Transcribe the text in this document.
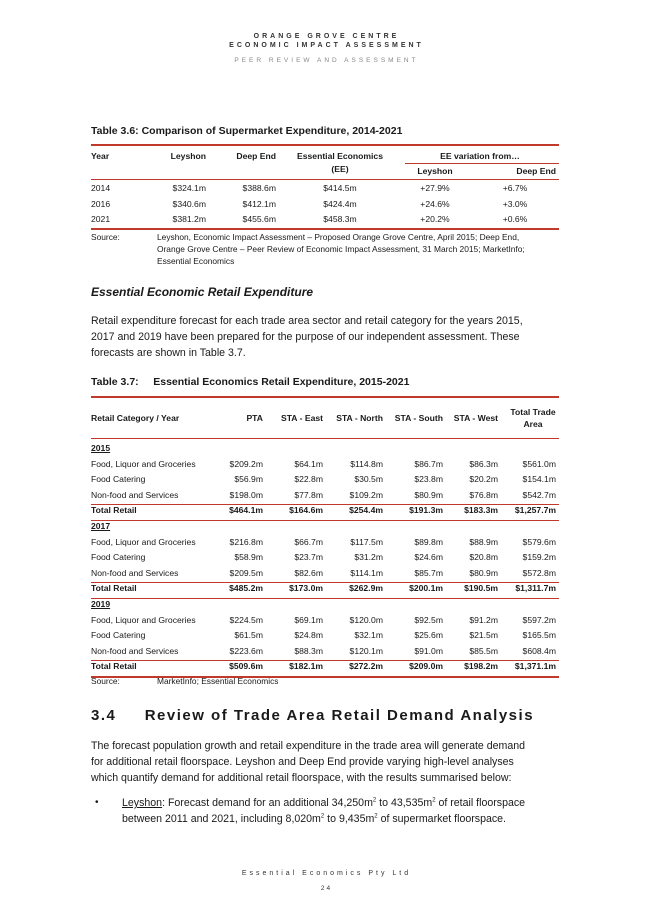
ORANGE GROVE CENTRE
ECONOMIC IMPACT ASSESSMENT
PEER REVIEW AND ASSESSMENT
Table 3.6: Comparison of Supermarket Expenditure, 2014-2021
Year	Leyshon	Deep End	Essential Economics
(EE)
EE variation from…
Leyshon	Deep End
2014	$324.1m	$388.6m	$414.5m	+27.9%	+6.7%
2016	$340.6m	$412.1m	$424.4m	+24.6%	+3.0%
2021	$381.2m	$455.6m	$458.3m	+20.2%	+0.6%
Source:	Leyshon, Economic Impact Assessment – Proposed Orange Grove Centre, April 2015; Deep End,
Orange Grove Centre – Peer Review of Economic Impact Assessment, 31 March 2015; MarketInfo;
Essential Economics
Essential Economic Retail Expenditure
Retail expenditure forecast for each trade area sector and retail category for the years 2015,
2017 and 2019 have been prepared for the purpose of our independent assessment. These
forecasts are shown in Table 3.7.
Table 3.7:     Essential Economics Retail Expenditure, 2015-2021
Retail Category / Year	PTA	STA - East	STA - North	STA - South	STA - West
Total Trade
Area
2015
Food, Liquor and Groceries	$209.2m	$64.1m	$114.8m	$86.7m	$86.3m	$561.0m
Food Catering	$56.9m	$22.8m	$30.5m	$23.8m	$20.2m	$154.1m
Non-food and Services	$198.0m	$77.8m	$109.2m	$80.9m	$76.8m	$542.7m
Total Retail	$464.1m	$164.6m	$254.4m	$191.3m	$183.3m	$1,257.7m
2017
Food, Liquor and Groceries	$216.8m	$66.7m	$117.5m	$89.8m	$88.9m	$579.6m
Food Catering	$58.9m	$23.7m	$31.2m	$24.6m	$20.8m	$159.2m
Non-food and Services	$209.5m	$82.6m	$114.1m	$85.7m	$80.9m	$572.8m
Total Retail	$485.2m	$173.0m	$262.9m	$200.1m	$190.5m	$1,311.7m
2019
Food, Liquor and Groceries	$224.5m	$69.1m	$120.0m	$92.5m	$91.2m	$597.2m
Food Catering	$61.5m	$24.8m	$32.1m	$25.6m	$21.5m	$165.5m
Non-food and Services	$223.6m	$88.3m	$120.1m	$91.0m	$85.5m	$608.4m
Total Retail	$509.6m	$182.1m	$272.2m	$209.0m	$198.2m	$1,371.1m
Source:	MarketInfo; Essential Economics
3.4     Review of Trade Area Retail Demand Analysis
The forecast population growth and retail expenditure in the trade area will generate demand
for additional retail floorspace. Leyshon and Deep End provide varying high-level analyses
which quantify demand for additional retail floorspace, with the results summarised below:
• Leyshon: Forecast demand for an additional $34,250m^2$ to $43,535m^2$ of retail floorspace
between 2011 and 2021, including $8,020m^2$ to $9,435m^2$ of supermarket floorspace.
Essential Economics Pty Ltd
24
